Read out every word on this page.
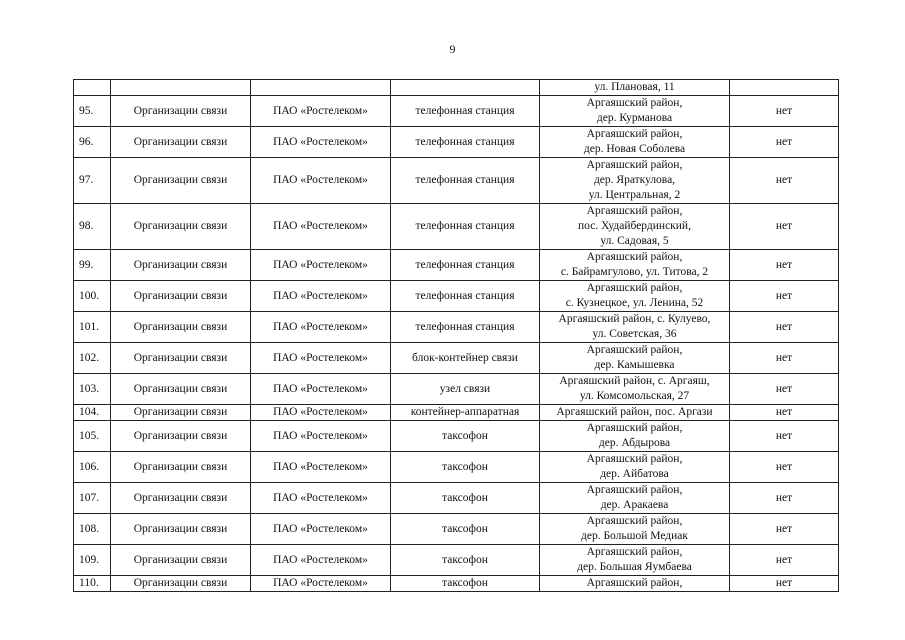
9
				ул. Плановая, 11	
95.	Организации связи	ПАО «Ростелеком»	телефонная станция	Аргаяшский район,
дер. Курманова	нет
96.	Организации связи	ПАО «Ростелеком»	телефонная станция	Аргаяшский район,
дер. Новая Соболева	нет
97.	Организации связи	ПАО «Ростелеком»	телефонная станция	Аргаяшский район,
дер. Яраткулова,
ул. Центральная, 2	нет
98.	Организации связи	ПАО «Ростелеком»	телефонная станция	Аргаяшский район,
пос. Худайбердинский,
ул. Садовая, 5	нет
99.	Организации связи	ПАО «Ростелеком»	телефонная станция	Аргаяшский район,
с. Байрамгулово, ул. Титова, 2	нет
100.	Организации связи	ПАО «Ростелеком»	телефонная станция	Аргаяшский район,
с. Кузнецкое, ул. Ленина, 52	нет
101.	Организации связи	ПАО «Ростелеком»	телефонная станция	Аргаяшский район, с. Кулуево,
ул. Советская, 36	нет
102.	Организации связи	ПАО «Ростелеком»	блок-контейнер связи	Аргаяшский район,
дер. Камышевка	нет
103.	Организации связи	ПАО «Ростелеком»	узел связи	Аргаяшский район, с. Аргаяш,
ул. Комсомольская, 27	нет
104.	Организации связи	ПАО «Ростелеком»	контейнер-аппаратная	Аргаяшский район, пос. Аргази	нет
105.	Организации связи	ПАО «Ростелеком»	таксофон	Аргаяшский район,
дер. Абдырова	нет
106.	Организации связи	ПАО «Ростелеком»	таксофон	Аргаяшский район,
дер. Айбатова	нет
107.	Организации связи	ПАО «Ростелеком»	таксофон	Аргаяшский район,
дер. Аракаева	нет
108.	Организации связи	ПАО «Ростелеком»	таксофон	Аргаяшский район,
дер. Большой Медиак	нет
109.	Организации связи	ПАО «Ростелеком»	таксофон	Аргаяшский район,
дер. Большая Яумбаева	нет
110.	Организации связи	ПАО «Ростелеком»	таксофон	Аргаяшский район,	нет
